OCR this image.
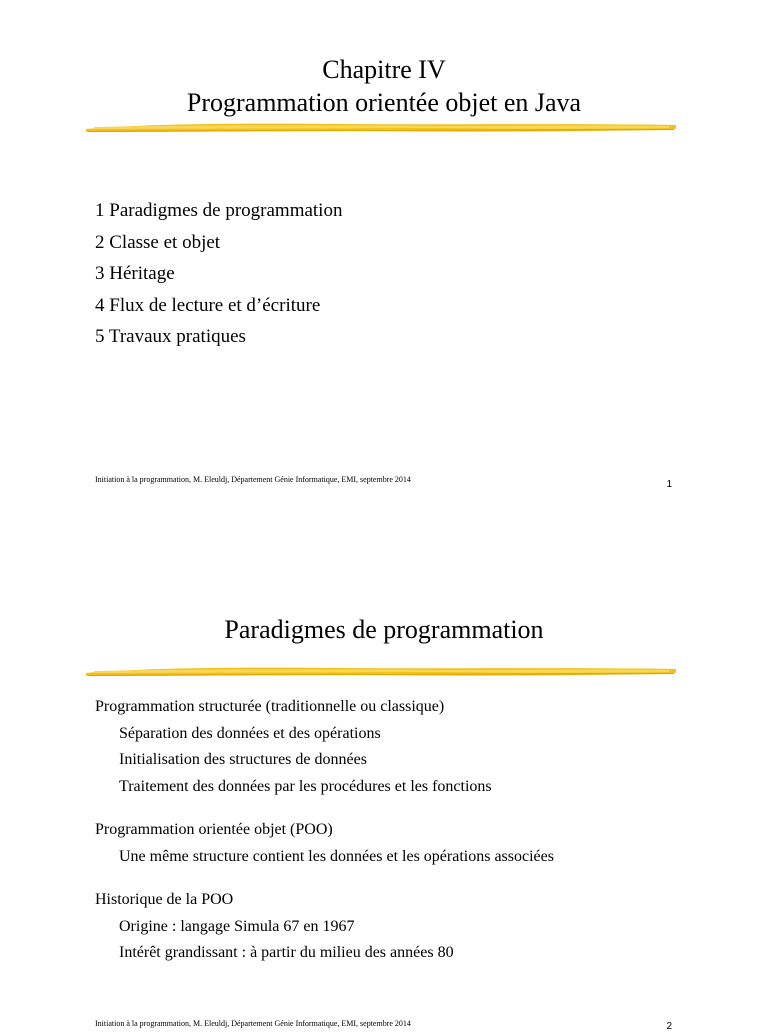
Chapitre IV
Programmation orientée objet en Java
1 Paradigmes de programmation
2 Classe et objet
3 Héritage
4 Flux de lecture et d’écriture
5 Travaux pratiques
Initiation à la programmation, M. Eleuldj, Département Génie Informatique, EMI, septembre 2014	1
Paradigmes de programmation

Programmation structurée (traditionnelle ou classique)

Séparation des données et des opérations

Initialisation des structures de données

Traitement des données par les procédures et les fonctions

Programmation orientée objet (POO)

Une même structure contient les données et les opérations associées

Historique de la POO

Origine : langage Simula 67 en 1967

Intérêt grandissant : à partir du milieu des années 80

Initiation à la programmation, M. Eleuldj, Département Génie Informatique, EMI, septembre 2014	2
